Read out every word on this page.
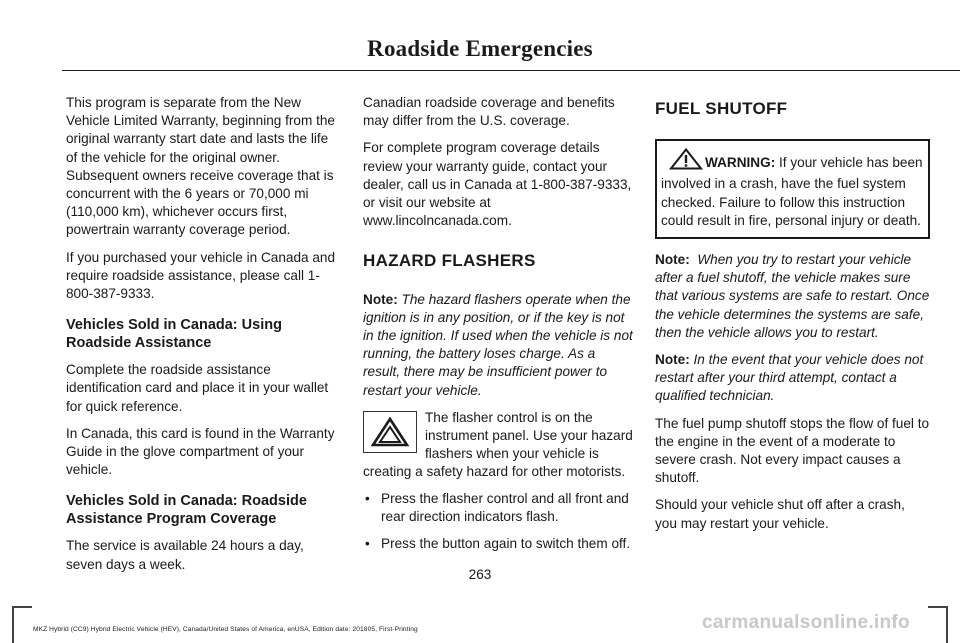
Roadside Emergencies

This program is separate from the New Vehicle Limited Warranty, beginning from the original warranty start date and lasts the life of the vehicle for the original owner. Subsequent owners receive coverage that is concurrent with the 6 years or 70,000 mi (110,000 km), whichever occurs first, powertrain warranty coverage period.

If you purchased your vehicle in Canada and require roadside assistance, please call 1-800-387-9333.

Vehicles Sold in Canada: Using Roadside Assistance

Complete the roadside assistance identification card and place it in your wallet for quick reference.

In Canada, this card is found in the Warranty Guide in the glove compartment of your vehicle.

Vehicles Sold in Canada: Roadside Assistance Program Coverage

The service is available 24 hours a day, seven days a week.

Canadian roadside coverage and benefits may differ from the U.S. coverage.

For complete program coverage details review your warranty guide, contact your dealer, call us in Canada at 1-800-387-9333, or visit our website at www.lincolncanada.com.

HAZARD FLASHERS

Note: The hazard flashers operate when the ignition is in any position, or if the key is not in the ignition. If used when the vehicle is not running, the battery loses charge. As a result, there may be insufficient power to restart your vehicle.

The flasher control is on the instrument panel. Use your hazard flashers when your vehicle is creating a safety hazard for other motorists.
• Press the flasher control and all front and rear direction indicators flash.
• Press the button again to switch them off.
FUEL SHUTOFF
WARNING: If your vehicle has been involved in a crash, have the fuel system checked. Failure to follow this instruction could result in fire, personal injury or death.

Note: When you try to restart your vehicle after a fuel shutoff, the vehicle makes sure that various systems are safe to restart. Once the vehicle determines the systems are safe, then the vehicle allows you to restart.

Note: In the event that your vehicle does not restart after your third attempt, contact a qualified technician.

The fuel pump shutoff stops the flow of fuel to the engine in the event of a moderate to severe crash. Not every impact causes a shutoff.

Should your vehicle shut off after a crash, you may restart your vehicle.

263
MKZ Hybrid (CC9) Hybrid Electric Vehicle (HEV), Canada/United States of America, enUSA, Edition date: 201805, First-Printing	carmanualsonline.info
